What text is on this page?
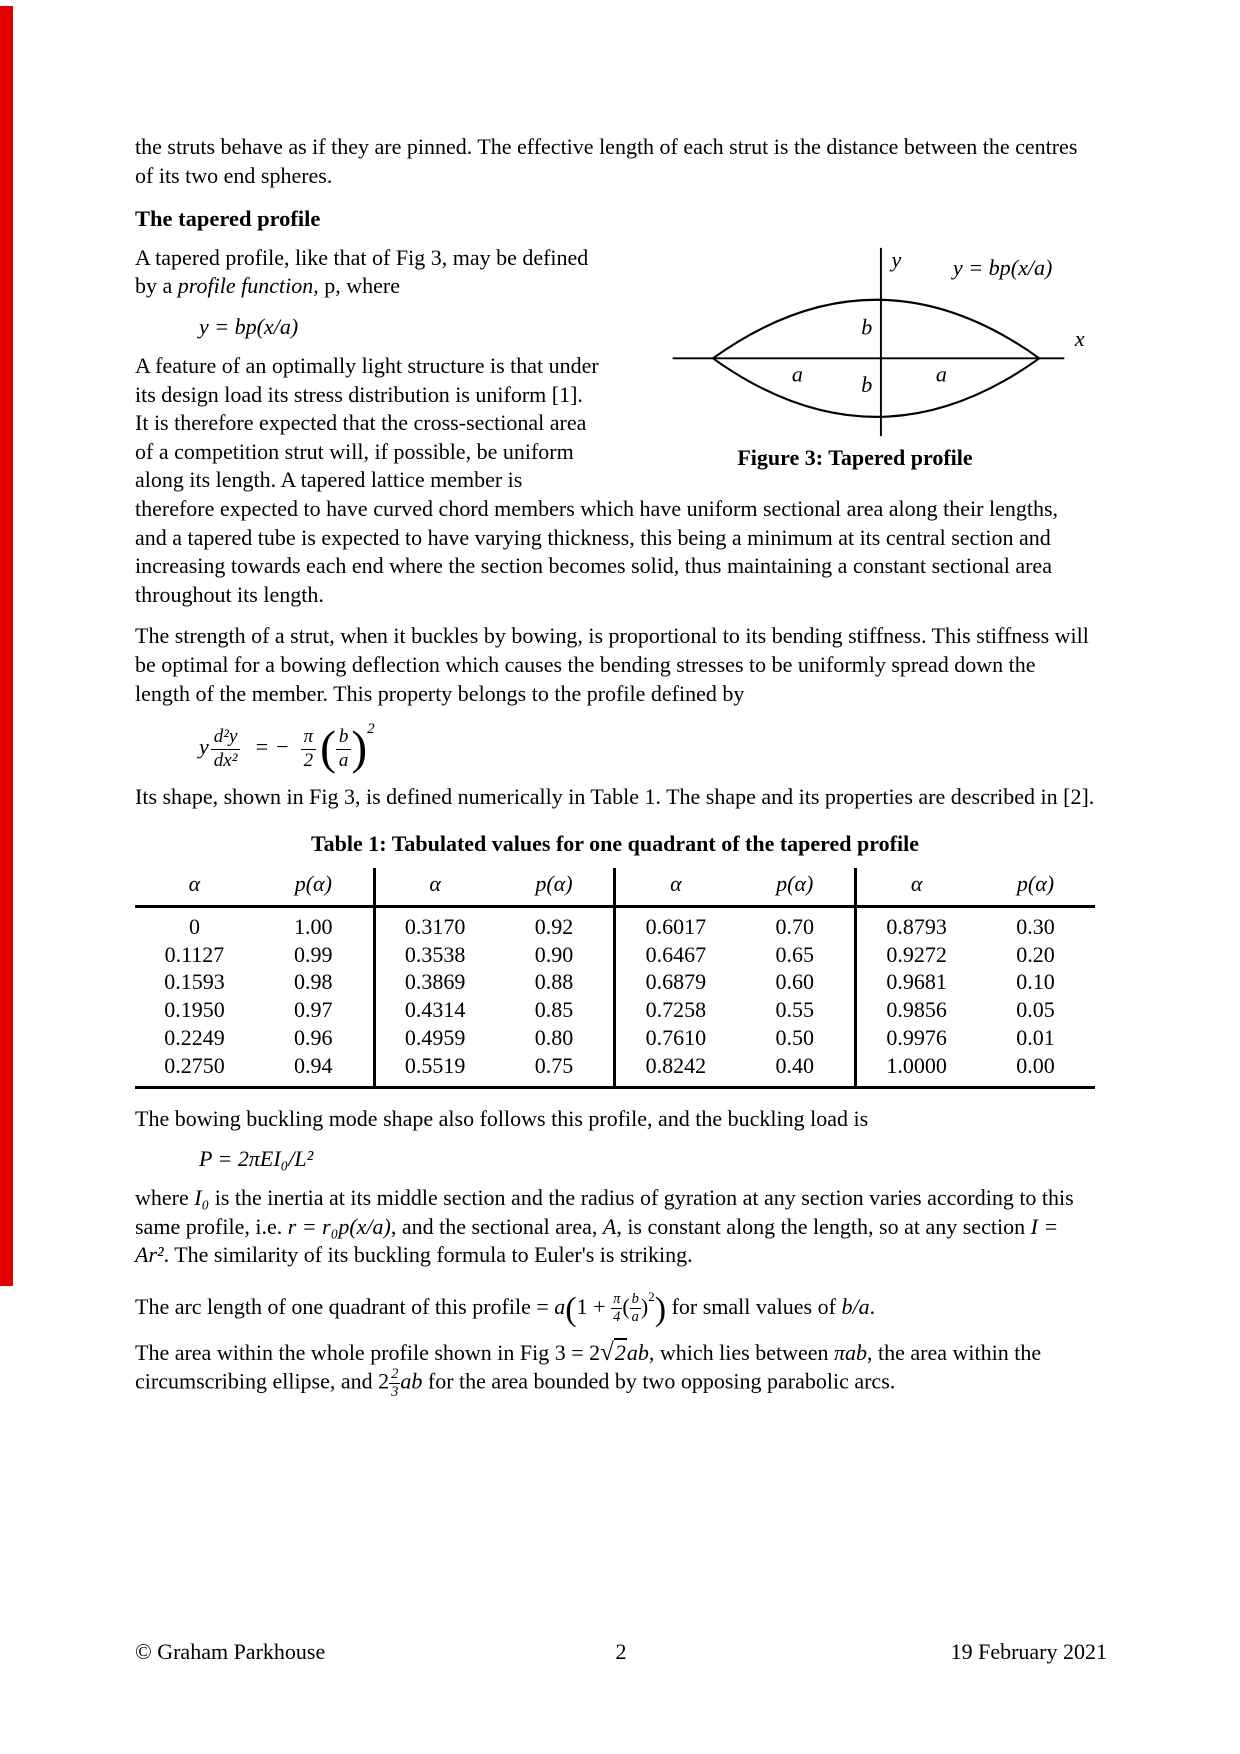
the struts behave as if they are pinned. The effective length of each strut is the distance between the centres of its two end spheres.

The tapered profile
y y = bp(x/a)
x
b
b
a	a
Figure 3: Tapered profile

A tapered profile, like that of Fig 3, may be defined by a profile function, p, where

y = bp(x/a)

A feature of an optimally light structure is that under its design load its stress distribution is uniform [1]. It is therefore expected that the cross-sectional area of a competition strut will, if possible, be uniform along its length. A tapered lattice member is therefore expected to have curved chord members which have uniform sectional area along their lengths, and a tapered tube is expected to have varying thickness, this being a minimum at its central section and increasing towards each end where the section becomes solid, thus maintaining a constant sectional area throughout its length.

The strength of a strut, when it buckles by bowing, is proportional to its bending stiffness. This stiffness will be optimal for a bowing deflection which causes the bending stresses to be uniformly spread down the length of the member. This property belongs to the profile defined by

y $\frac{\text{d²y}}{\text{dx²}}$ = − $\frac{\pi}{2}$ ( $\frac{b}{a} )^2$

Its shape, shown in Fig 3, is defined numerically in Table 1. The shape and its properties are described in [2].

Table 1: Tabulated values for one quadrant of the tapered profile

α	p(α)	α	p(α)	α	p(α)	α	p(α)
0	1.00	0.3170	0.92	0.6017	0.70	0.8793	0.30
0.1127	0.99	0.3538	0.90	0.6467	0.65	0.9272	0.20
0.1593	0.98	0.3869	0.88	0.6879	0.60	0.9681	0.10
0.1950	0.97	0.4314	0.85	0.7258	0.55	0.9856	0.05
0.2249	0.96	0.4959	0.80	0.7610	0.50	0.9976	0.01
0.2750	0.94	0.5519	0.75	0.8242	0.40	1.0000	0.00

The bowing buckling mode shape also follows this profile, and the buckling load is

P = 2πEI₀/L²

where I₀ is the inertia at its middle section and the radius of gyration at any section varies according to this same profile, i.e. r = r₀p(x/a), and the sectional area, A, is constant along the length, so at any section I = Ar². The similarity of its buckling formula to Euler's is striking.

The arc length of one quadrant of this profile = $a(1 + \frac{\pi}{4}$ ( $\frac{b}{a} )^2$) for small values of b/a.

The area within the whole profile shown in Fig 3 = 2√2ab, which lies between πab, the area within the circumscribing ellipse, and $2 \frac{2}{3}$ ab for the area bounded by two opposing parabolic arcs.

© Graham Parkhouse	2	19 February 2021
